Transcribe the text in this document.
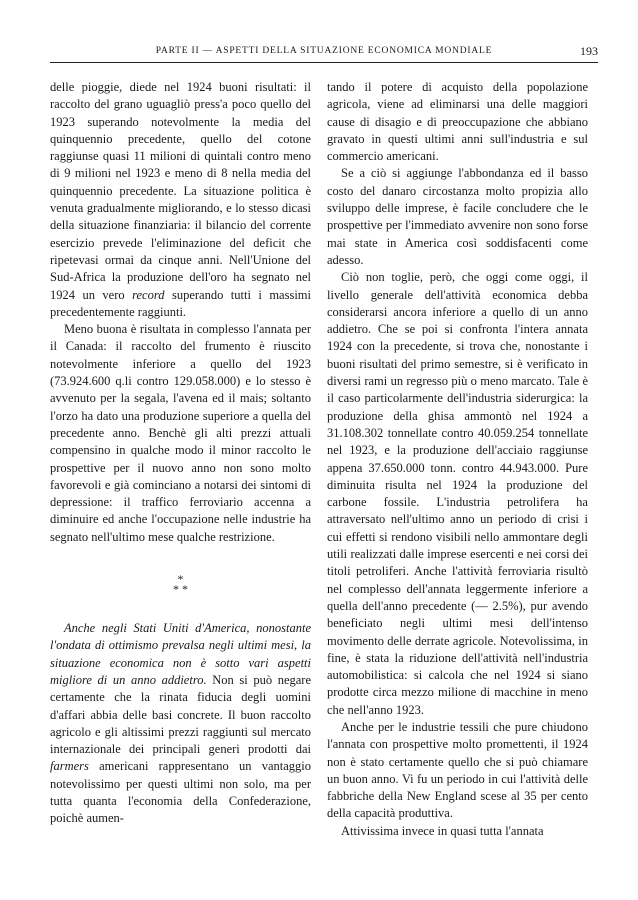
PARTE II — ASPETTI DELLA SITUAZIONE ECONOMICA MONDIALE	193

delle pioggie, diede nel 1924 buoni risultati: il raccolto del grano uguagliò press'a poco quello del 1923 superando notevolmente la media del quinquennio precedente, quello del cotone raggiunse quasi 11 milioni di quintali contro meno di 9 milioni nel 1923 e meno di 8 nella media del quinquennio precedente. La situazione politica è venuta gradualmente migliorando, e lo stesso dicasi della situazione finanziaria: il bilancio del corrente esercizio prevede l'eliminazione del deficit che ripetevasi ormai da cinque anni. Nell'Unione del Sud-Africa la produzione dell'oro ha segnato nel 1924 un vero record superando tutti i massimi precedentemente raggiunti.

Meno buona è risultata in complesso l'annata per il Canada: il raccolto del frumento è riuscito notevolmente inferiore a quello del 1923 (73.924.600 q.li contro 129.058.000) e lo stesso è avvenuto per la segala, l'avena ed il mais; soltanto l'orzo ha dato una produzione superiore a quella del precedente anno. Benchè gli alti prezzi attuali compensino in qualche modo il minor raccolto le prospettive per il nuovo anno non sono molto favorevoli e già cominciano a notarsi dei sintomi di depressione: il traffico ferroviario accenna a diminuire ed anche l'occupazione nelle industrie ha segnato nell'ultimo mese qualche restrizione.

*
* *

Anche negli Stati Uniti d'America, nonostante l'ondata di ottimismo prevalsa negli ultimi mesi, la situazione economica non è sotto vari aspetti migliore di un anno addietro. Non si può negare certamente che la rinata fiducia degli uomini d'affari abbia delle basi concrete. Il buon raccolto agricolo e gli altissimi prezzi raggiunti sul mercato internazionale dei principali generi prodotti dai farmers americani rappresentano un vantaggio notevolissimo per questi ultimi non solo, ma per tutta quanta l'economia della Confederazione, poichè aumen-

tando il potere di acquisto della popolazione agricola, viene ad eliminarsi una delle maggiori cause di disagio e di preoccupazione che abbiano gravato in questi ultimi anni sull'industria e sul commercio americani.

Se a ciò si aggiunge l'abbondanza ed il basso costo del danaro circostanza molto propizia allo sviluppo delle imprese, è facile concludere che le prospettive per l'immediato avvenire non sono forse mai state in America così soddisfacenti come adesso.

Ciò non toglie, però, che oggi come oggi, il livello generale dell'attività economica debba considerarsi ancora inferiore a quello di un anno addietro. Che se poi si confronta l'intera annata 1924 con la precedente, si trova che, nonostante i buoni risultati del primo semestre, si è verificato in diversi rami un regresso più o meno marcato. Tale è il caso particolarmente dell'industria siderurgica: la produzione della ghisa ammontò nel 1924 a 31.108.302 tonnellate contro 40.059.254 tonnellate nel 1923, e la produzione dell'acciaio raggiunse appena 37.650.000 tonn. contro 44.943.000. Pure diminuita risulta nel 1924 la produzione del carbone fossile. L'industria petrolifera ha attraversato nell'ultimo anno un periodo di crisi i cui effetti si rendono visibili nello ammontare degli utili realizzati dalle imprese esercenti e nei corsi dei titoli petroliferi. Anche l'attività ferroviaria risultò nel complesso dell'annata leggermente inferiore a quella dell'anno precedente (— 2.5%), pur avendo beneficiato negli ultimi mesi dell'intenso movimento delle derrate agricole. Notevolissima, in fine, è stata la riduzione dell'attività nell'industria automobilistica: si calcola che nel 1924 si siano prodotte circa mezzo milione di macchine in meno che nell'anno 1923.

Anche per le industrie tessili che pure chiudono l'annata con prospettive molto promettenti, il 1924 non è stato certamente quello che si può chiamare un buon anno. Vi fu un periodo in cui l'attività delle fabbriche della New England scese al 35 per cento della capacità produttiva.

Attivissima invece in quasi tutta l'annata
